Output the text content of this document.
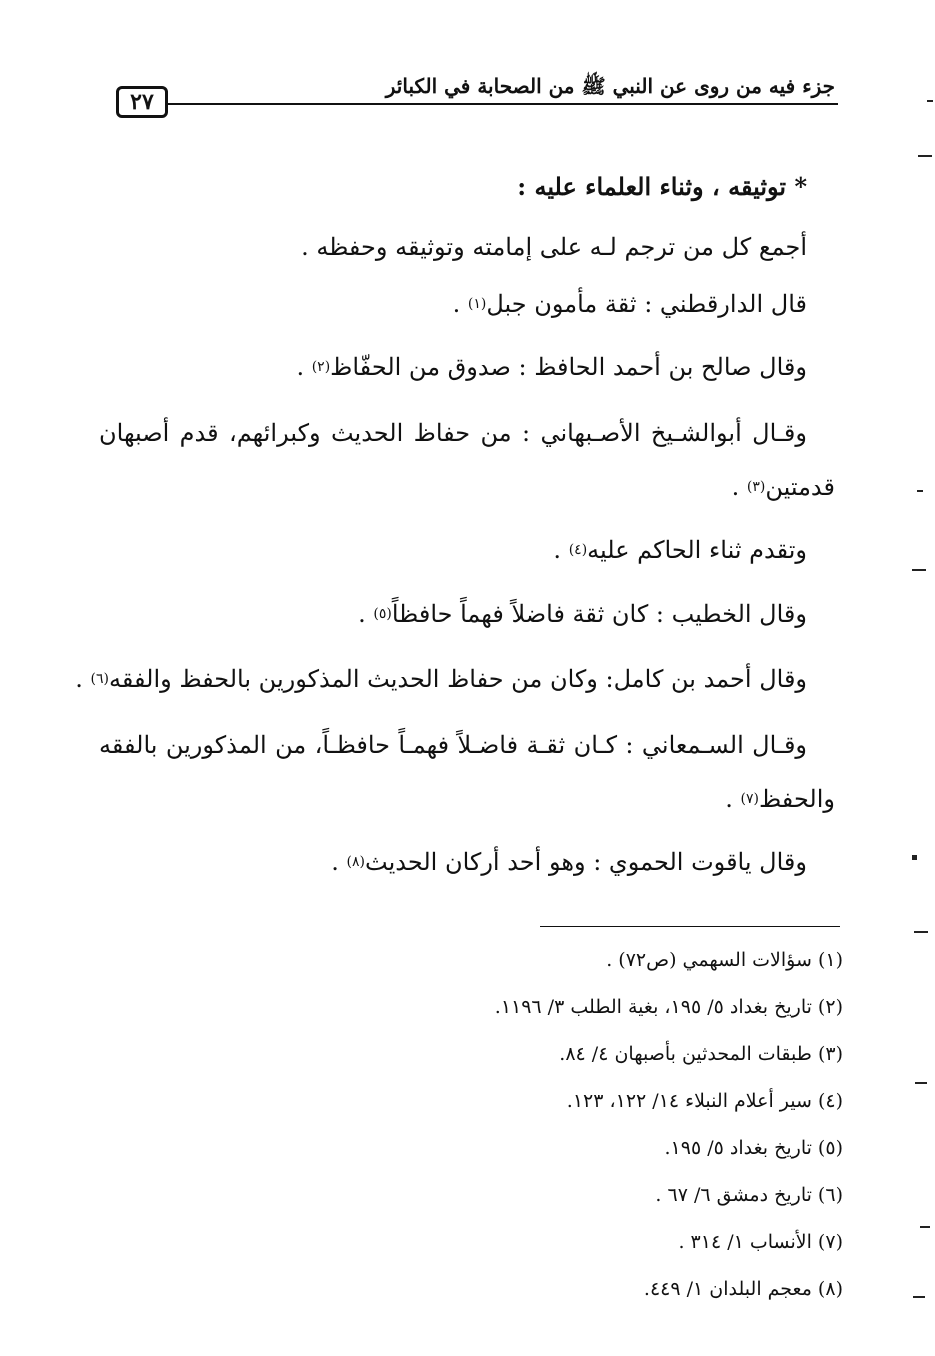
جزء فيه من روى عن النبي ﷺ من الصحابة في الكبائر
٢٧
* توثيقه ، وثناء العلماء عليه :
أجمع كل من ترجم لـه على إمامته وتوثيقه وحفظه .
قال الدارقطني : ثقة مأمون جبل$^{(١)}$ .
وقال صالح بن أحمد الحافظ : صدوق من الحفّاظ$^{(٢)}$ .
وقـال أبوالشـيخ الأصـبهاني : من حفاظ الحديث وكبرائهم، قدم أصبهان
قدمتين$^{(٣)}$ .
وتقدم ثناء الحاكم عليه$^{(٤)}$ .
وقال الخطيب : كان ثقة فاضلاً فهماً حافظاً$^{(٥)}$ .
وقال أحمد بن كامل: وكان من حفاظ الحديث المذكورين بالحفظ والفقه$^{(٦)}$ .
وقـال السـمعاني : كـان ثقـة فاضـلاً فهمـاً حافظـاً، من المذكورين بالفقه
والحفظ$^{(٧)}$ .
وقال ياقوت الحموي : وهو أحد أركان الحديث$^{(٨)}$ .
(١) سؤالات السهمي (ص٧٢) .
(٢) تاريخ بغداد ٥/ ١٩٥، بغية الطلب ٣/ ١١٩٦.
(٣) طبقات المحدثين بأصبهان ٤/ ٨٤.
(٤) سير أعلام النبلاء ١٤/ ١٢٢، ١٢٣.
(٥) تاريخ بغداد ٥/ ١٩٥.
(٦) تاريخ دمشق ٦/ ٦٧ .
(٧) الأنساب ١/ ٣١٤ .
(٨) معجم البلدان ١/ ٤٤٩.
